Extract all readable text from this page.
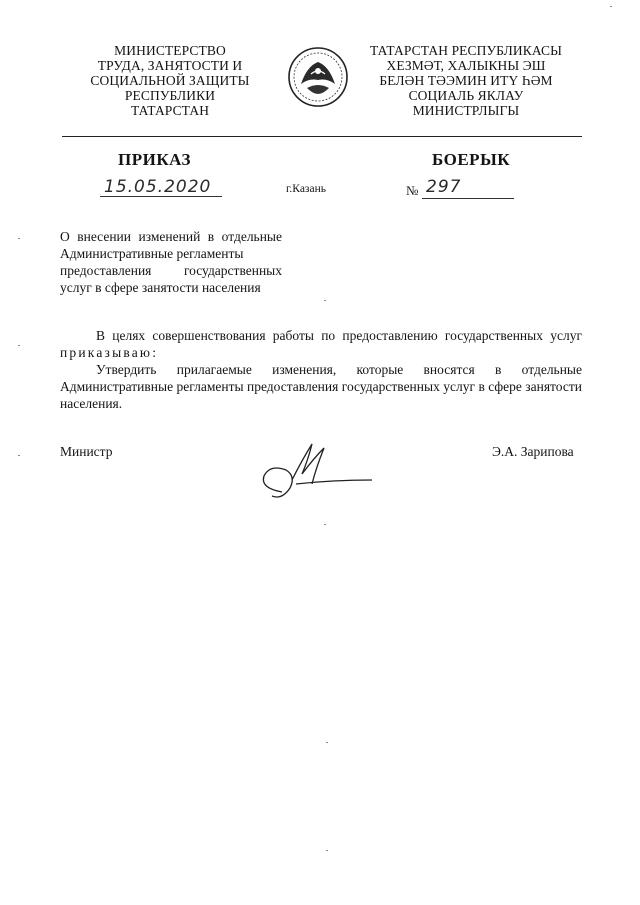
МИНИСТЕРСТВО
ТРУДА, ЗАНЯТОСТИ И
СОЦИАЛЬНОЙ ЗАЩИТЫ
РЕСПУБЛИКИ
ТАТАРСТАН
ТАТАРСТАН РЕСПУБЛИКАСЫ
ХЕЗМӘТ, ХАЛЫКНЫ ЭШ
БЕЛӘН ТӘЭМИН ИТҮ ҺӘМ
СОЦИАЛЬ ЯКЛАУ
МИНИСТРЛЫГЫ
ПРИКАЗ	БОЕРЫК
15.05.2020	г.Казань	№ 297
О внесении изменений в отдельные
Административные регламенты
предоставления государственных
услуг в сфере занятости населения
В целях совершенствования работы по предоставлению государственных услуг приказываю:
Утвердить прилагаемые изменения, которые вносятся в отдельные Административные регламенты предоставления государственных услуг в сфере занятости населения.
Министр	Э.А. Зарипова
